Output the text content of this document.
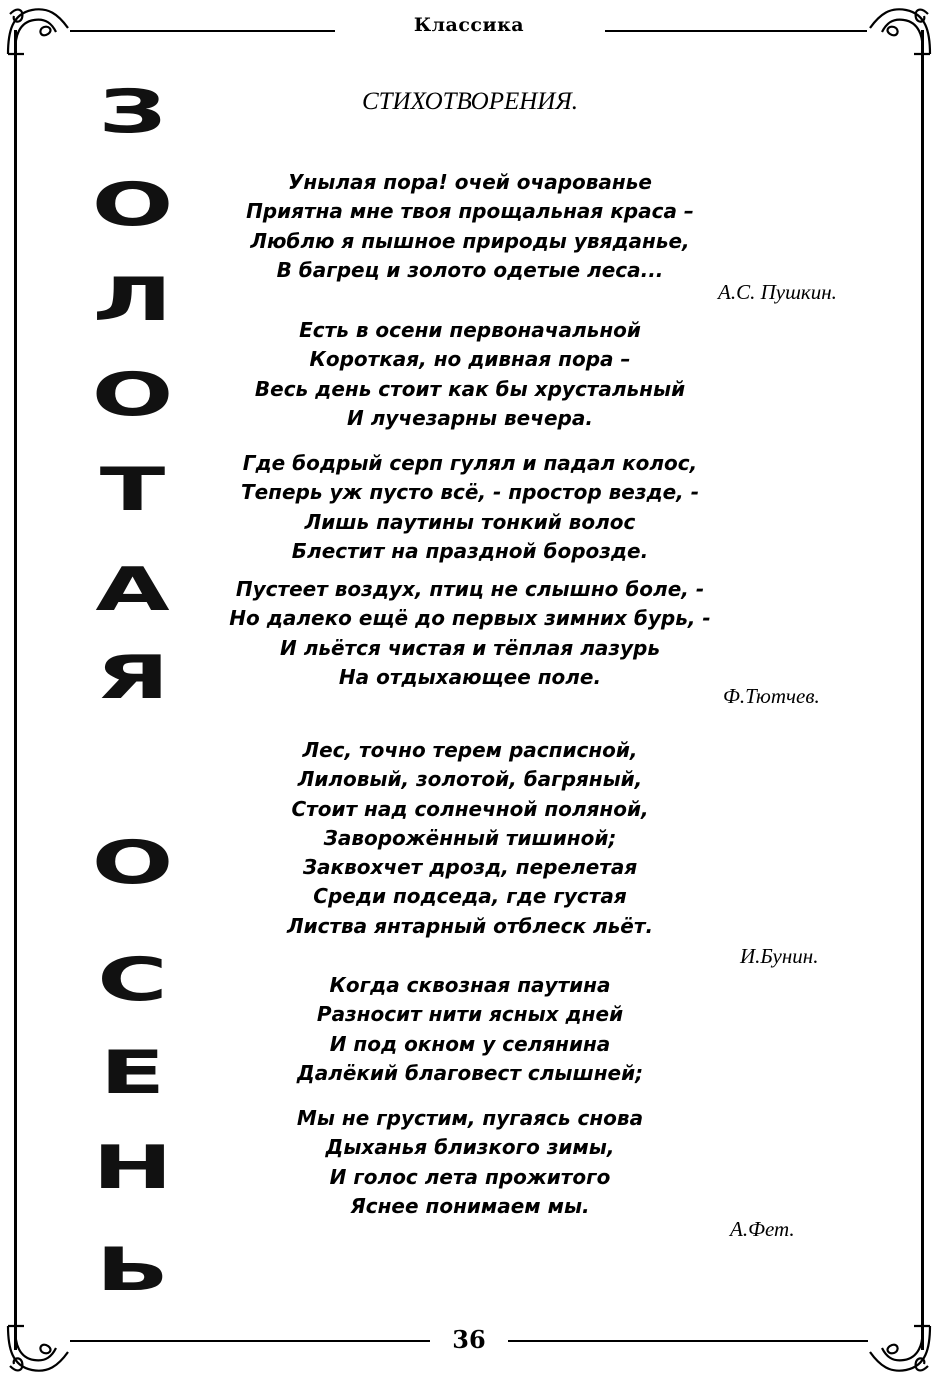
Классика
СТИХОТВОРЕНИЯ.
З
О
Л
О
Т
А
Я
О
С
Е
Н
Ь
Унылая пора! очей очарованье
Приятна мне твоя прощальная краса –
Люблю я пышное природы увяданье,
В багрец и золото одетые леса...
А.С. Пушкин.
Есть в осени первоначальной
Короткая, но дивная пора –
Весь день стоит как бы хрустальный
И лучезарны вечера.
Где бодрый серп гулял и падал колос,
Теперь уж пусто всё, - простор везде, -
Лишь паутины тонкий волос
Блестит на праздной борозде.
Пустеет воздух, птиц не слышно боле, -
Но далеко ещё до первых зимних бурь, -
И льётся чистая и тёплая лазурь
На отдыхающее поле.
Ф.Тютчев.
Лес, точно терем расписной,
Лиловый, золотой, багряный,
Стоит над солнечной поляной,
Заворожённый тишиной;
Заквохчет дрозд, перелетая
Среди подседа, где густая
Листва янтарный отблеск льёт.
И.Бунин.
Когда сквозная паутина
Разносит нити ясных дней
И под окном у селянина
Далёкий благовест слышней;
Мы не грустим, пугаясь снова
Дыханья близкого зимы,
И голос лета прожитого
Яснее понимаем мы.
А.Фет.
36
